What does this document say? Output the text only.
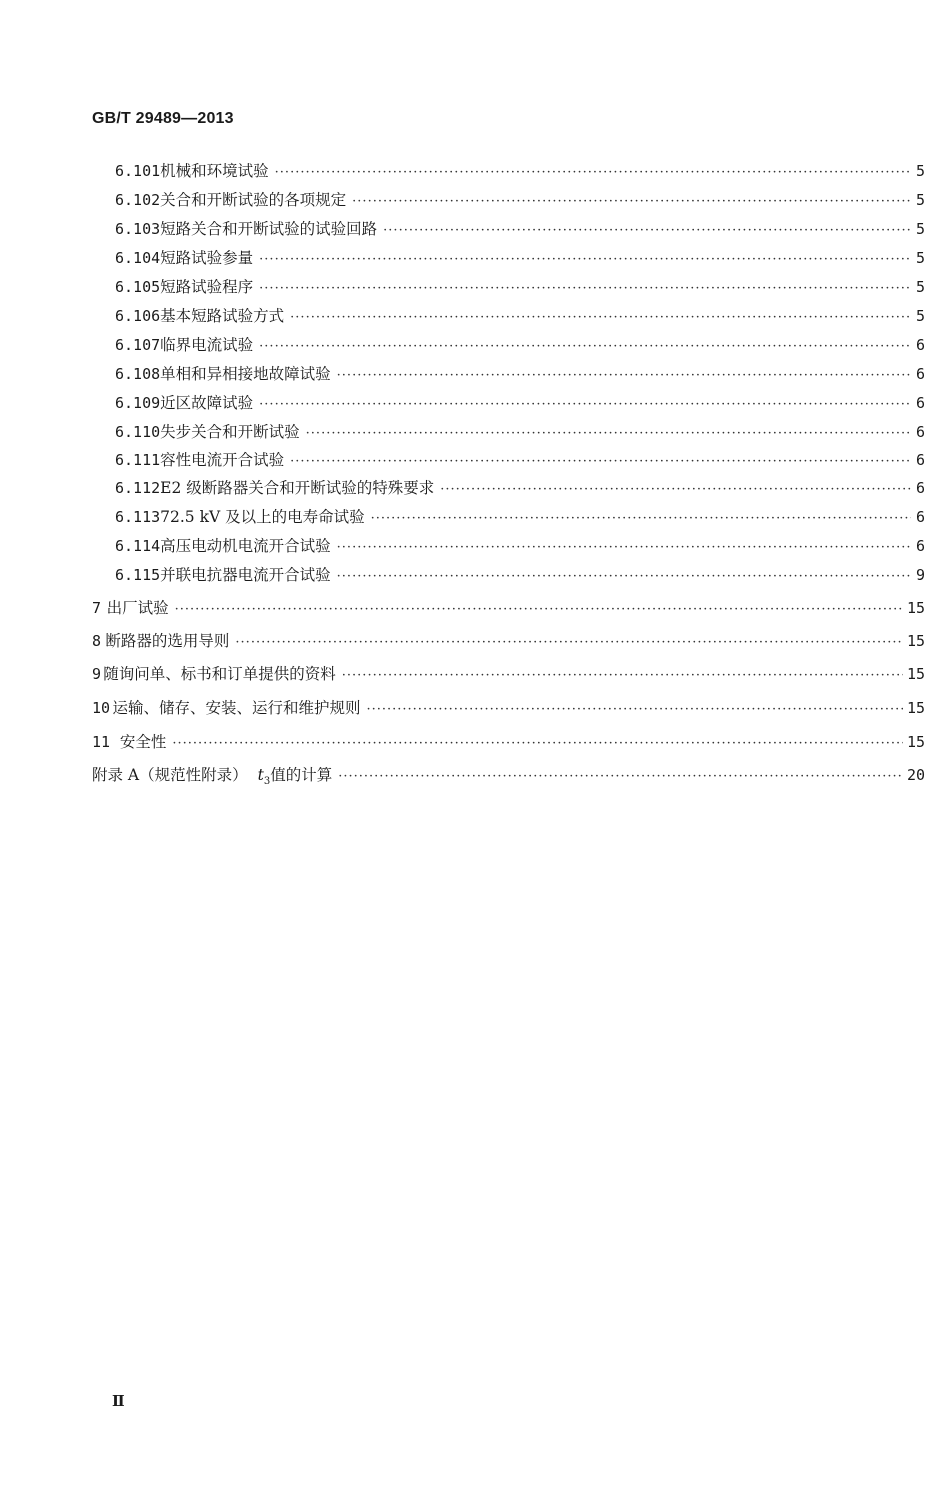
GB/T 29489—2013
6.101 机械和环境试验 ·····	5
6.102 关合和开断试验的各项规定 ·····	5
6.103 短路关合和开断试验的试验回路 ·····	5
6.104 短路试验参量 ·····	5
6.105 短路试验程序 ·····	5
6.106 基本短路试验方式 ·····	5
6.107 临界电流试验 ·····	6
6.108 单相和异相接地故障试验 ·····	6
6.109 近区故障试验 ·····	6
6.110 失步关合和开断试验 ·····	6
6.111 容性电流开合试验 ·····	6
6.112 E2 级断路器关合和开断试验的特殊要求 ·····	6
6.113 72.5 kV 及以上的电寿命试验 ·····	6
6.114 高压电动机电流开合试验 ·····	6
6.115 并联电抗器电流开合试验 ·····	9
7 出厂试验 ·····	15
8 断路器的选用导则 ·····	15
9 随询问单、标书和订单提供的资料 ·····	15
10 运输、储存、安装、运行和维护规则 ·····	15
11 安全性 ·····	15
附录 A（规范性附录） $t_3$值的计算 ·····	20
Ⅱ
